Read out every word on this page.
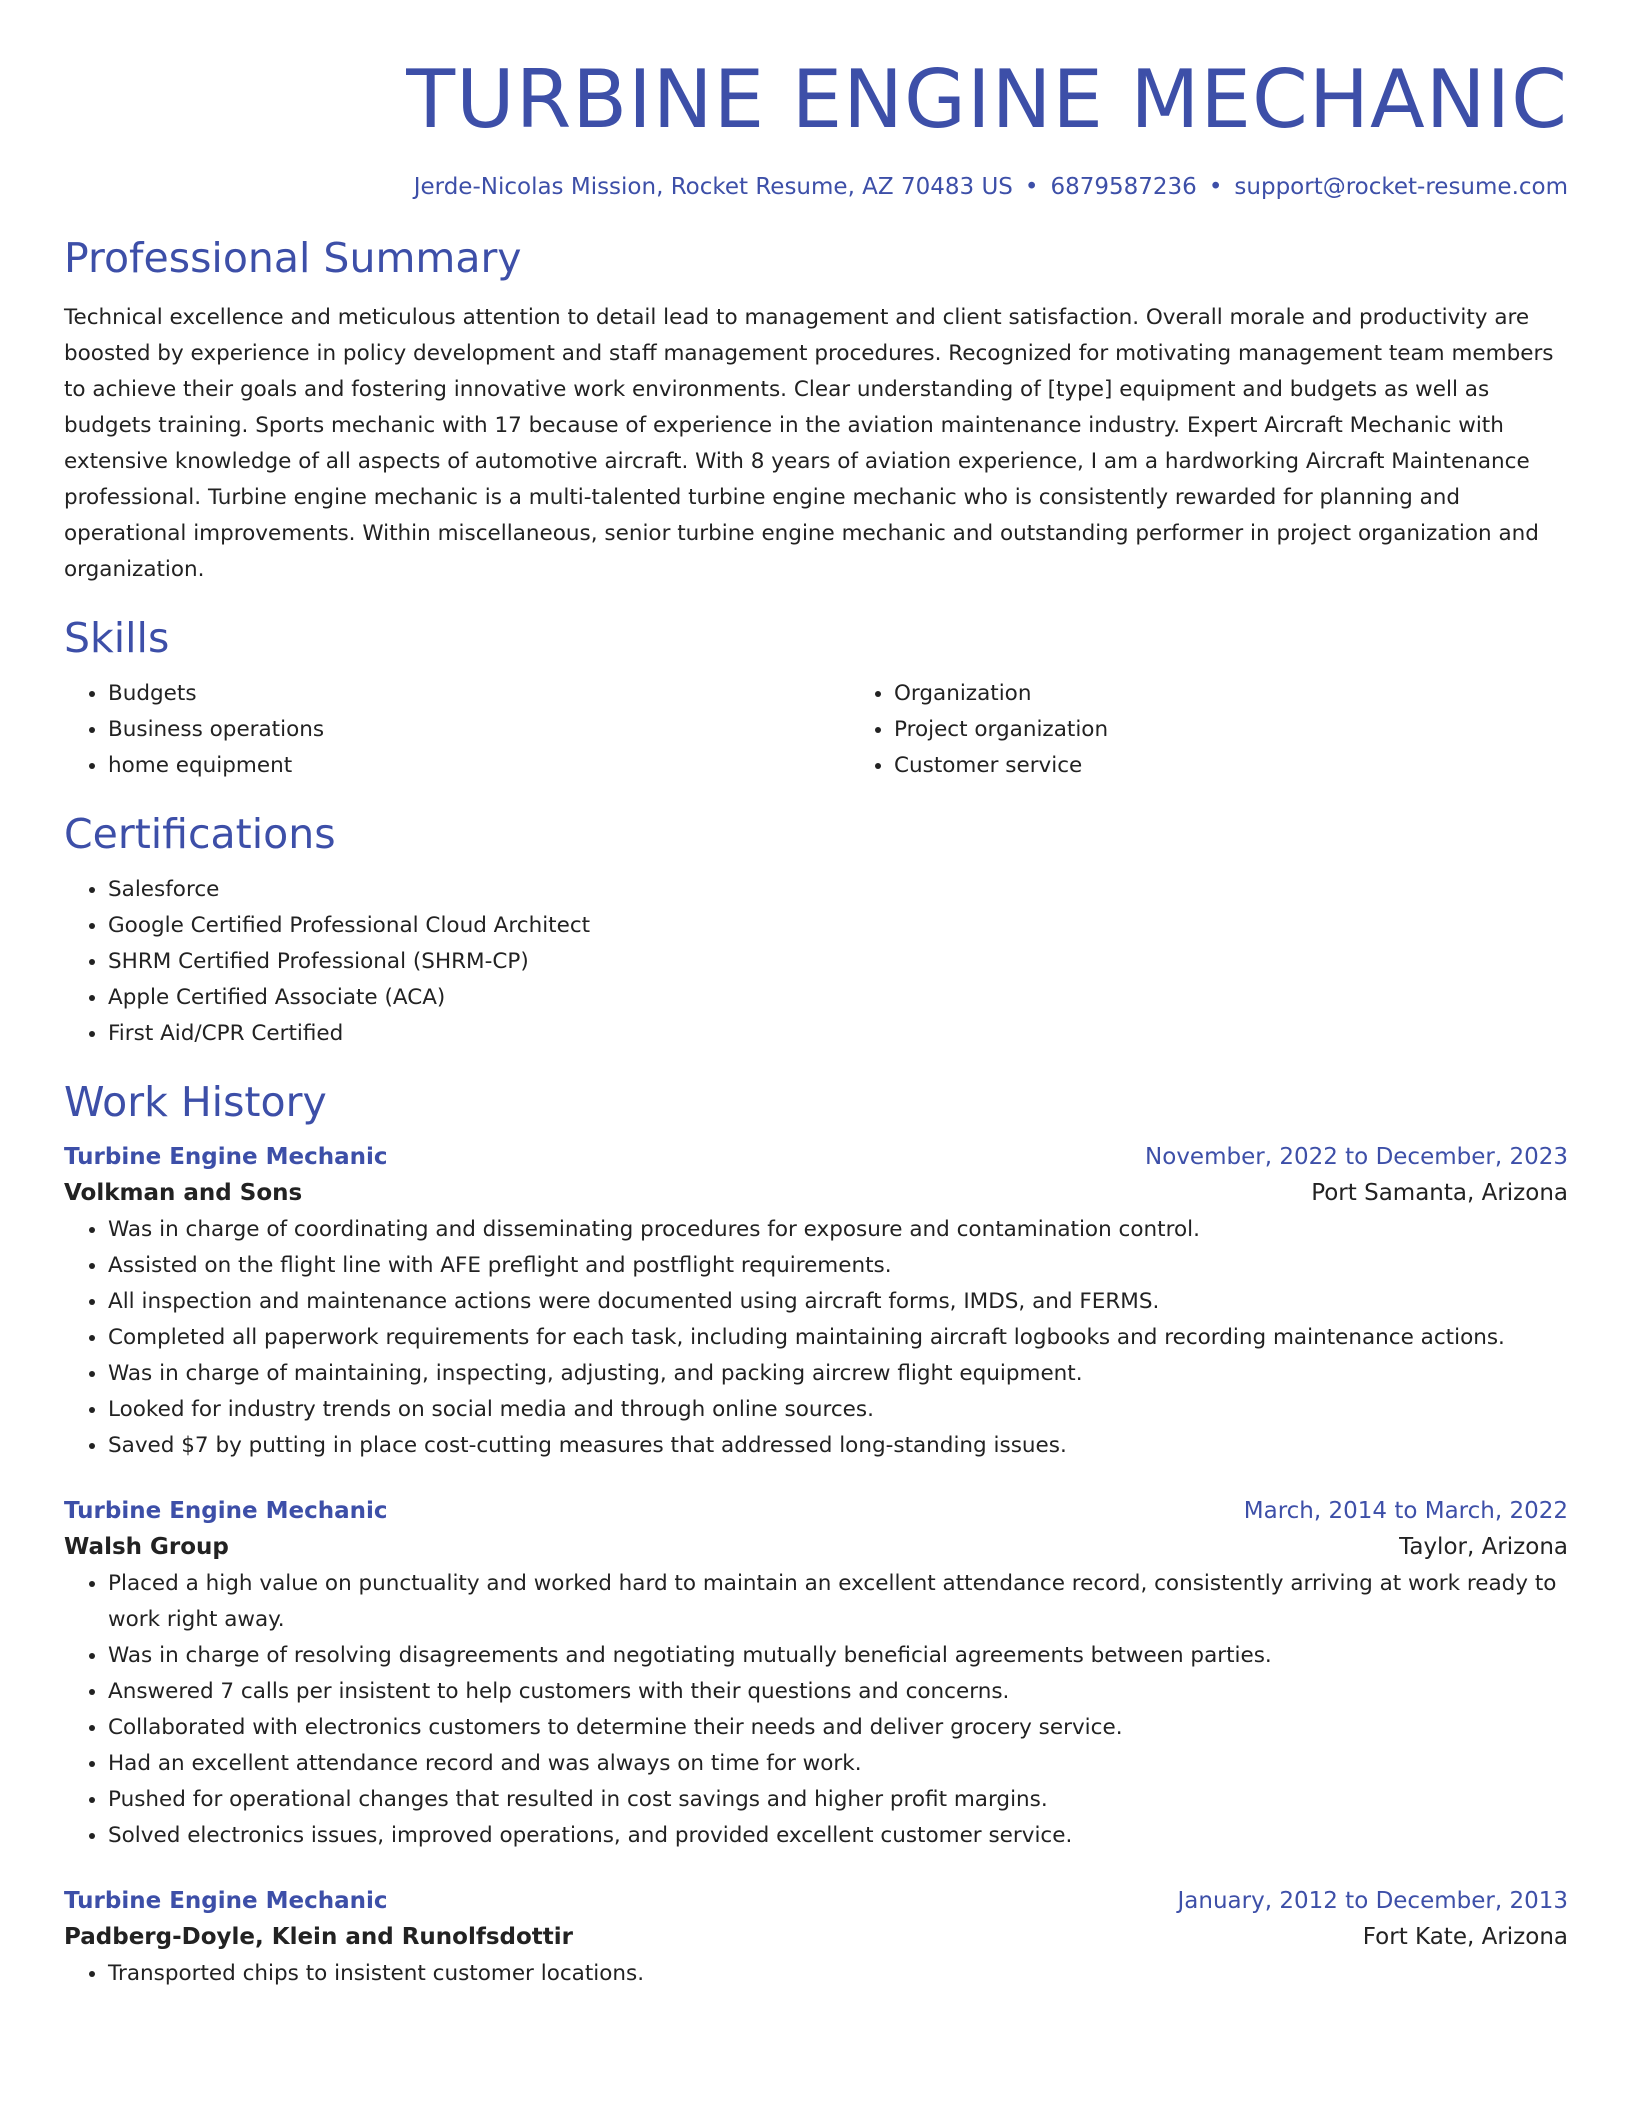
TURBINE ENGINE MECHANIC
Jerde-Nicolas Mission, Rocket Resume, AZ 70483 US • 6879587236 • support@rocket-resume.com
Professional Summary

Technical excellence and meticulous attention to detail lead to management and client satisfaction. Overall morale and productivity are boosted by experience in policy development and staff management procedures. Recognized for motivating management team members to achieve their goals and fostering innovative work environments. Clear understanding of [type] equipment and budgets as well as budgets training. Sports mechanic with 17 because of experience in the aviation maintenance industry. Expert Aircraft Mechanic with extensive knowledge of all aspects of automotive aircraft. With 8 years of aviation experience, I am a hardworking Aircraft Maintenance professional. Turbine engine mechanic is a multi-talented turbine engine mechanic who is consistently rewarded for planning and operational improvements. Within miscellaneous, senior turbine engine mechanic and outstanding performer in project organization and organization.

Skills
• Budgets
• Business operations
• home equipment
• Organization
• Project organization
• Customer service
Certifications
• Salesforce
• Google Certified Professional Cloud Architect
• SHRM Certified Professional (SHRM-CP)
• Apple Certified Associate (ACA)
• First Aid/CPR Certified
Work History
Turbine Engine Mechanic	November, 2022 to December, 2023
Volkman and Sons	Port Samanta, Arizona
• Was in charge of coordinating and disseminating procedures for exposure and contamination control.
• Assisted on the flight line with AFE preflight and postflight requirements.
• All inspection and maintenance actions were documented using aircraft forms, IMDS, and FERMS.
• Completed all paperwork requirements for each task, including maintaining aircraft logbooks and recording maintenance actions.
• Was in charge of maintaining, inspecting, adjusting, and packing aircrew flight equipment.
• Looked for industry trends on social media and through online sources.
• Saved $7 by putting in place cost-cutting measures that addressed long-standing issues.
Turbine Engine Mechanic	March, 2014 to March, 2022
Walsh Group	Taylor, Arizona
• Placed a high value on punctuality and worked hard to maintain an excellent attendance record, consistently arriving at work ready to work right away.
• Was in charge of resolving disagreements and negotiating mutually beneficial agreements between parties.
• Answered 7 calls per insistent to help customers with their questions and concerns.
• Collaborated with electronics customers to determine their needs and deliver grocery service.
• Had an excellent attendance record and was always on time for work.
• Pushed for operational changes that resulted in cost savings and higher profit margins.
• Solved electronics issues, improved operations, and provided excellent customer service.
Turbine Engine Mechanic	January, 2012 to December, 2013
Padberg-Doyle, Klein and Runolfsdottir	Fort Kate, Arizona
• Transported chips to insistent customer locations.
